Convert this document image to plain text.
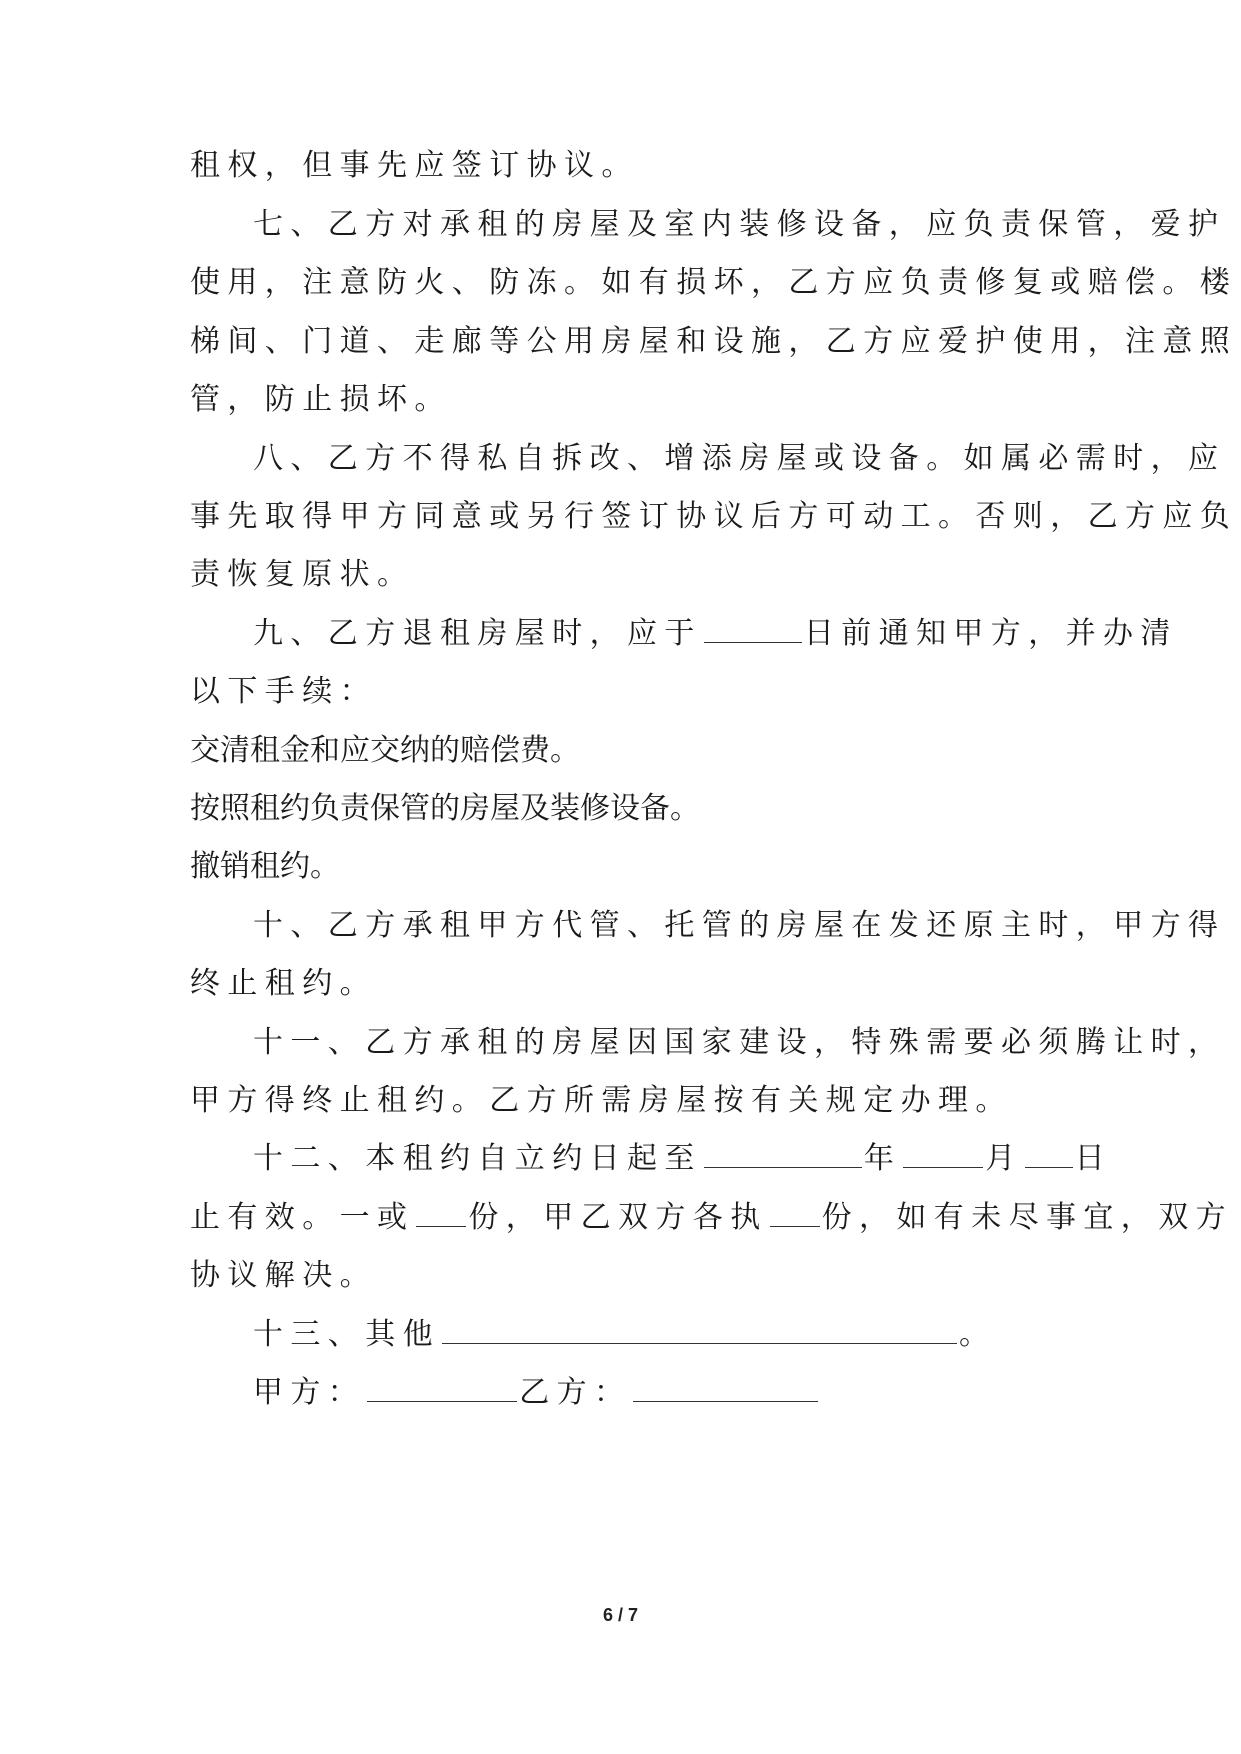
租权，但事先应签订协议。
七、乙方对承租的房屋及室内装修设备，应负责保管，爱护
使用，注意防火、防冻。如有损坏，乙方应负责修复或赔偿。楼
梯间、门道、走廊等公用房屋和设施，乙方应爱护使用，注意照
管，防止损坏。
八、乙方不得私自拆改、增添房屋或设备。如属必需时，应
事先取得甲方同意或另行签订协议后方可动工。否则，乙方应负
责恢复原状。
九、乙方退租房屋时，应于	日前通知甲方，并办清
以下手续：
交清租金和应交纳的赔偿费。
按照租约负责保管的房屋及装修设备。
撤销租约。
十、乙方承租甲方代管、托管的房屋在发还原主时，甲方得
终止租约。
十一、乙方承租的房屋因国家建设，特殊需要必须腾让时，
甲方得终止租约。乙方所需房屋按有关规定办理。
十二、本租约自立约日起至	年	月 日
止有效。一或 份，甲乙双方各执 份，如有未尽事宜，双方
协议解决。
十三、其他	。
甲方：	乙方：
6 / 7
